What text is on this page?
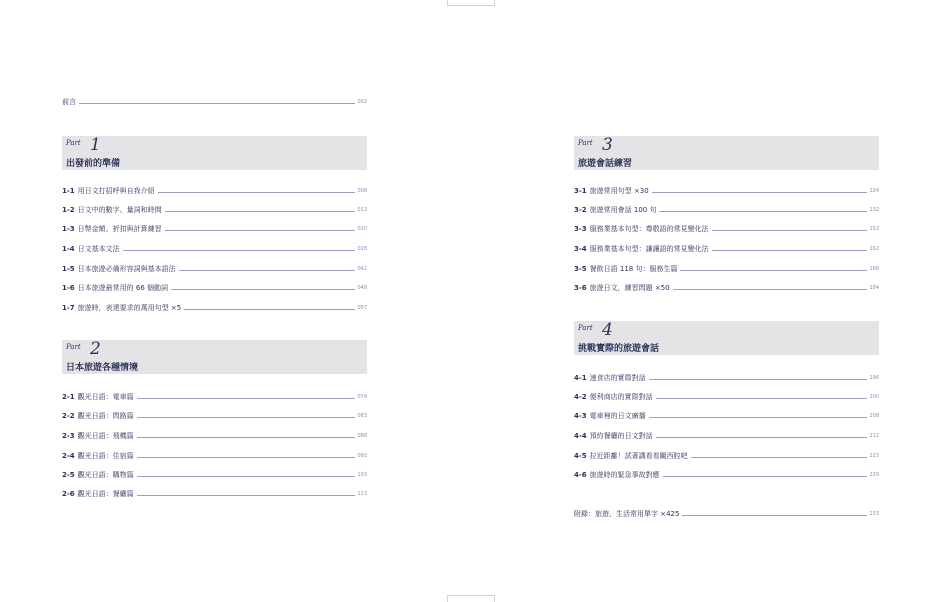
前言	002
Part 1
出發前的準備
1-1 用日文打招呼與自我介紹	008
1-2 日文中的數字、量詞和時間	013
1-3 日幣金額、折扣與計算練習	020
1-4 日文基本文法	028
1-5 日本旅遊必備形容詞與基本語法	042
1-6 日本旅遊最常用的 66 個動詞	048
1-7 旅遊時，表達要求的萬用句型 ×5	057
Part 2
日本旅遊各種情境
2-1 觀光日語：電車篇	074
2-2 觀光日語：問路篇	083
2-3 觀光日語：飛機篇	088
2-4 觀光日語：住宿篇	093
2-5 觀光日語：購物篇	103
2-6 觀光日語：餐廳篇	113
Part 3
旅遊會話練習
3-1 旅遊常用句型 ×30	124
3-2 旅遊常用會話 100 句	132
3-3 服務業基本句型：尊敬語的常見變化法	152
3-4 服務業基本句型：謙讓語的常見變化法	162
3-5 餐飲日語 118 句：服務生篇	168
3-6 旅遊日文，練習問題 ×50	184
Part 4
挑戰實際的旅遊會話
4-1 速食店的實際對話	196
4-2 便利商店的實際對話	200
4-3 電車裡的日文廣播	208
4-4 預約餐廳的日文對話	212
4-5 拉近距離！試著講看看關西腔吧	223
4-6 旅遊時的緊急事故對應	229
附錄：旅遊、生活常用單字 ×425	233
